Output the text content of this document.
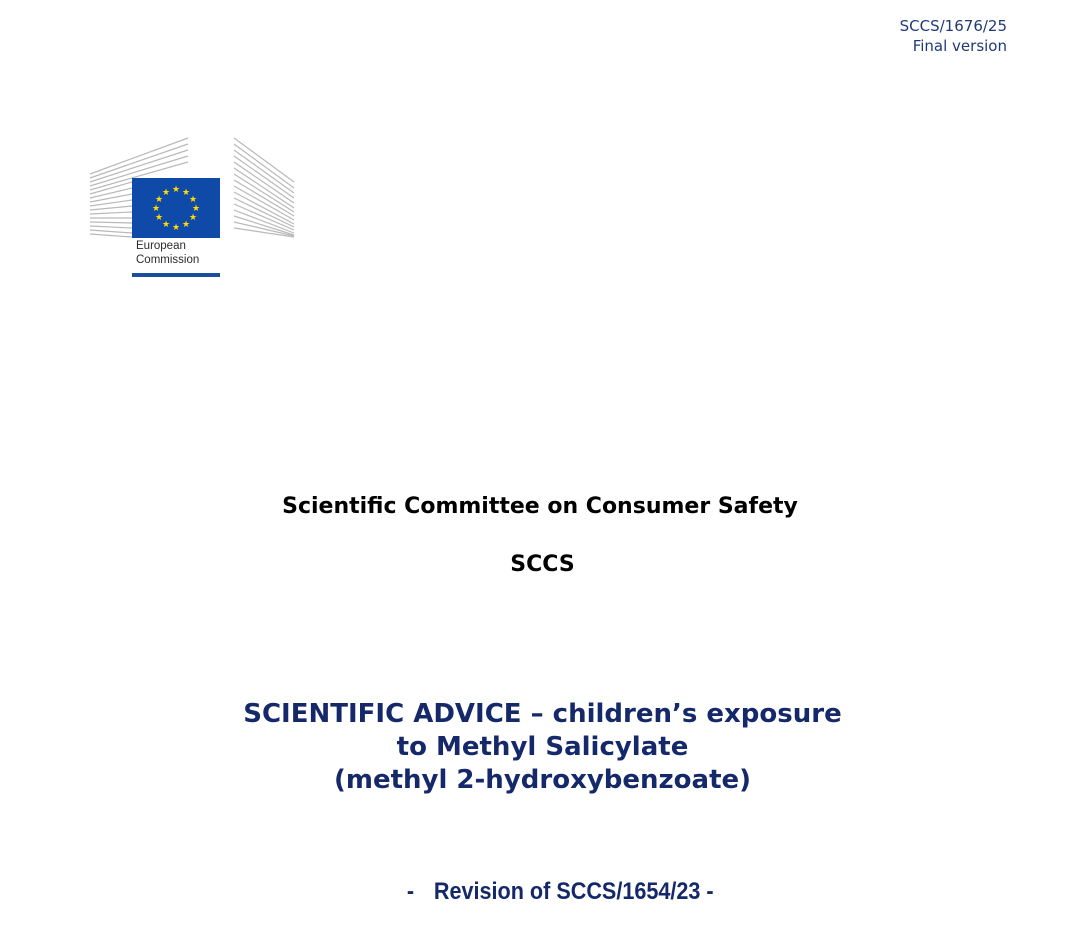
SCCS/1676/25
Final version
★ ★
★
★
★
★
★
★
★
★
★
★
European
Commission
Scientific Committee on Consumer Safety
SCCS
SCIENTIFIC ADVICE – children’s exposure
to Methyl Salicylate
(methyl 2-hydroxybenzoate)
- Revision of SCCS/1654/23 -
